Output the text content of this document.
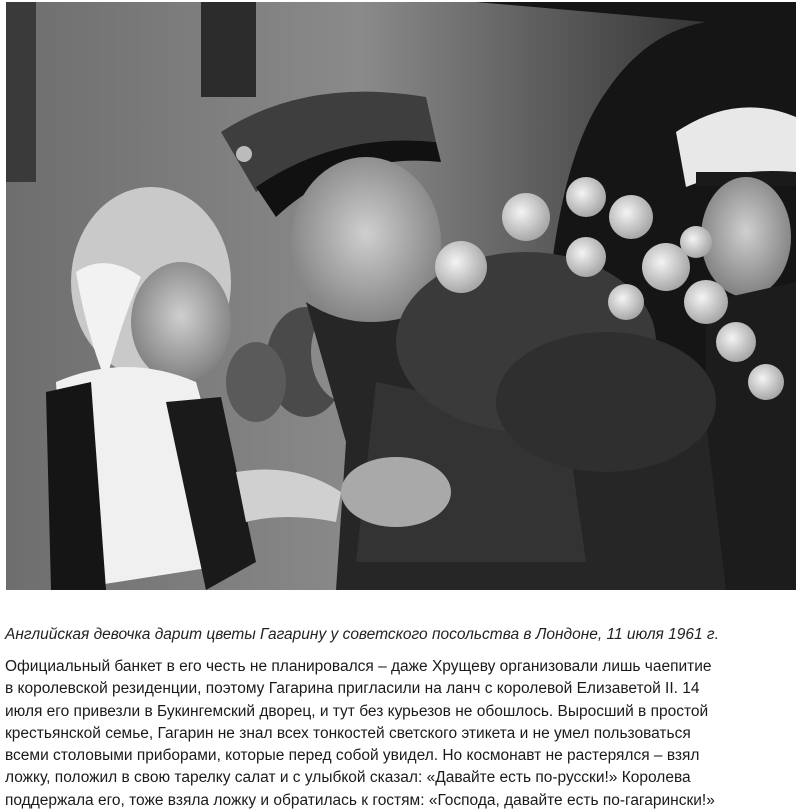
Английская девочка дарит цветы Гагарину у советского посольства в Лондоне, 11 июля 1961 г.
Официальный банкет в его честь не планировался – даже Хрущеву организовали лишь чаепитие
в королевской резиденции, поэтому Гагарина пригласили на ланч с королевой Елизаветой II. 14
июля его привезли в Букингемский дворец, и тут без курьезов не обошлось. Выросший в простой
крестьянской семье, Гагарин не знал всех тонкостей светского этикета и не умел пользоваться
всеми столовыми приборами, которые перед собой увидел. Но космонавт не растерялся – взял
ложку, положил в свою тарелку салат и с улыбкой сказал: «Давайте есть по-русски!» Королева
поддержала его, тоже взяла ложку и обратилась к гостям: «Господа, давайте есть по-гагарински!»
